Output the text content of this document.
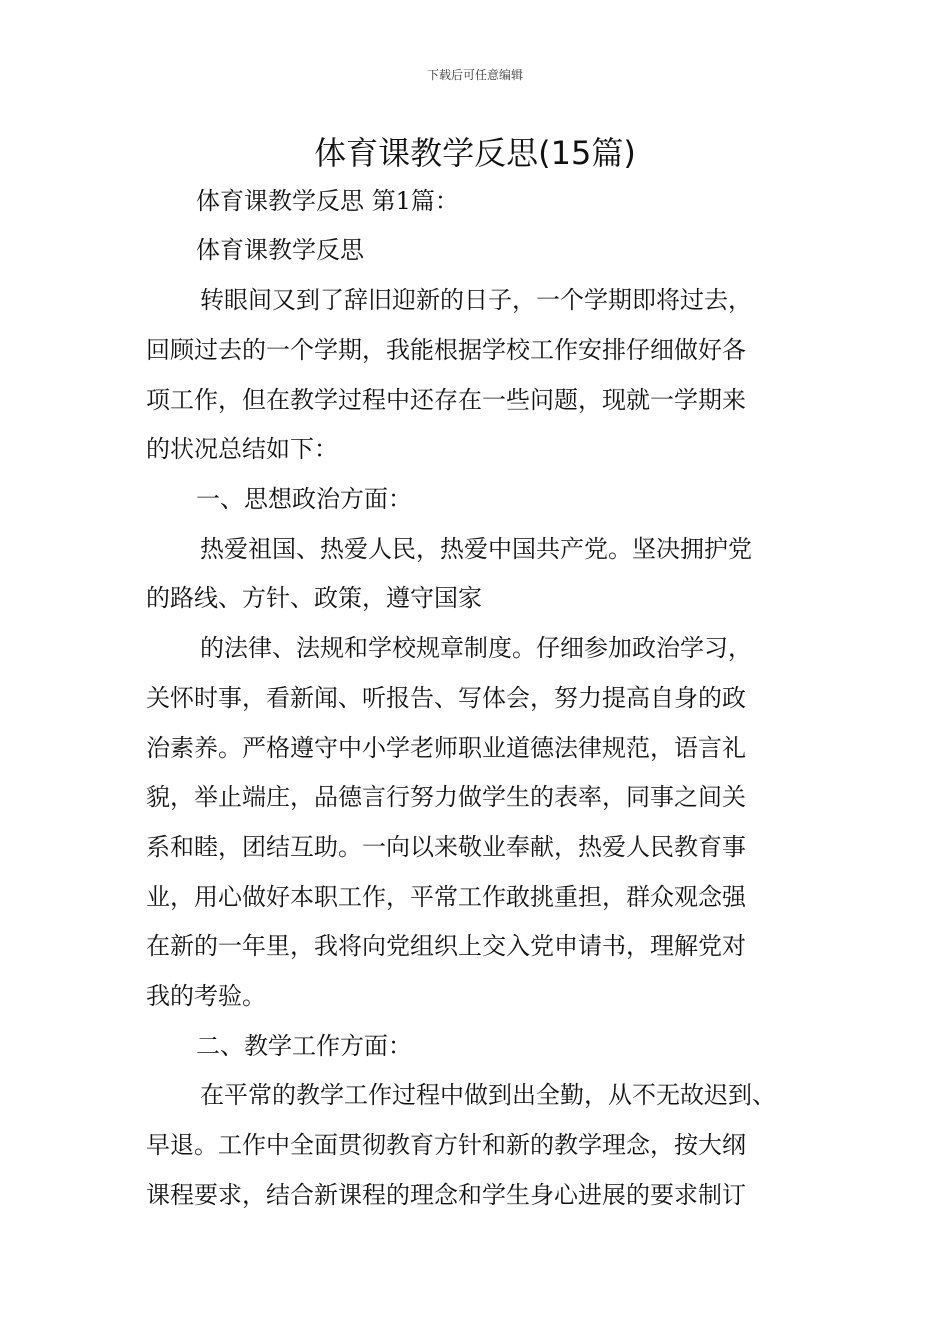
下载后可任意编辑
体育课教学反思(15篇)
体育课教学反思 第1篇：
体育课教学反思
转眼间又到了辞旧迎新的日子，一个学期即将过去，
回顾过去的一个学期，我能根据学校工作安排仔细做好各
项工作，但在教学过程中还存在一些问题，现就一学期来
的状况总结如下：
一、思想政治方面：
热爱祖国、热爱人民，热爱中国共产党。坚决拥护党
的路线、方针、政策，遵守国家
的法律、法规和学校规章制度。仔细参加政治学习，
关怀时事，看新闻、听报告、写体会，努力提高自身的政
治素养。严格遵守中小学老师职业道德法律规范，语言礼
貌，举止端庄，品德言行努力做学生的表率，同事之间关
系和睦，团结互助。一向以来敬业奉献，热爱人民教育事
业，用心做好本职工作，平常工作敢挑重担，群众观念强
在新的一年里，我将向党组织上交入党申请书，理解党对
我的考验。
二、教学工作方面：
在平常的教学工作过程中做到出全勤，从不无故迟到、
早退。工作中全面贯彻教育方针和新的教学理念，按大纲
课程要求，结合新课程的理念和学生身心进展的要求制订
